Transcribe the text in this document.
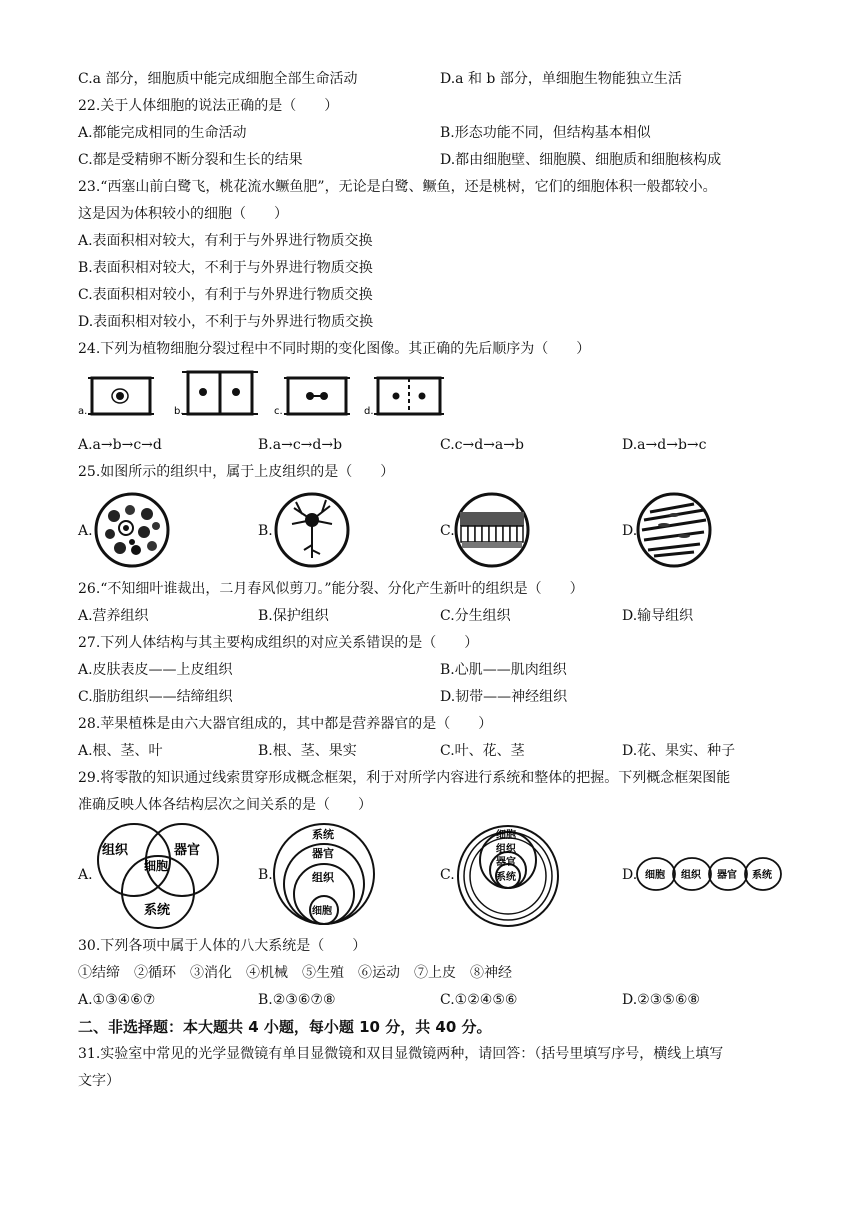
C.a 部分，细胞质中能完成细胞全部生命活动	D.a 和 b 部分，单细胞生物能独立生活
22.关于人体细胞的说法正确的是（　　）
A.都能完成相同的生命活动	B.形态功能不同，但结构基本相似
C.都是受精卵不断分裂和生长的结果	D.都由细胞壁、细胞膜、细胞质和细胞核构成
23.“西塞山前白鹭飞，桃花流水鳜鱼肥”，无论是白鹭、鳜鱼，还是桃树，它们的细胞体积一般都较小。
这是因为体积较小的细胞（　　）
A.表面积相对较大，有利于与外界进行物质交换
B.表面积相对较大，不利于与外界进行物质交换
C.表面积相对较小，有利于与外界进行物质交换
D.表面积相对较小，不利于与外界进行物质交换
24.下列为植物细胞分裂过程中不同时期的变化图像。其正确的先后顺序为（　　）
a.	b.	c.	d.
A.a→b→c→d	B.a→c→d→b	C.c→d→a→b	D.a→d→b→c
25.如图所示的组织中，属于上皮组织的是（　　）
A.	B.	C.	D.
26.“不知细叶谁裁出，二月春风似剪刀。”能分裂、分化产生新叶的组织是（　　）
A.营养组织	B.保护组织	C.分生组织	D.输导组织
27.下列人体结构与其主要构成组织的对应关系错误的是（　　）
A.皮肤表皮——上皮组织	B.心肌——肌肉组织
C.脂肪组织——结缔组织	D.韧带——神经组织
28.苹果植株是由六大器官组成的，其中都是营养器官的是（　　）
A.根、茎、叶	B.根、茎、果实	C.叶、花、茎	D.花、果实、种子
29.将零散的知识通过线索贯穿形成概念框架，利于对所学内容进行系统和整体的把握。下列概念框架图能
准确反映人体各结构层次之间关系的是（　　）
A.
组织	器官
细胞
系统
B.
系统
器官
组织
细胞
C.
细胞
组织
器官
系统	D. 细胞 组织 器官 系统
30.下列各项中属于人体的八大系统是（　　）
①结缔　②循环　③消化　④机械　⑤生殖　⑥运动　⑦上皮　⑧神经
A.①③④⑥⑦	B.②③⑥⑦⑧	C.①②④⑤⑥	D.②③⑤⑥⑧
二、非选择题：本大题共 4 小题，每小题 10 分，共 40 分。
31.实验室中常见的光学显微镜有单目显微镜和双目显微镜两种，请回答：（括号里填写序号，横线上填写
文字）
